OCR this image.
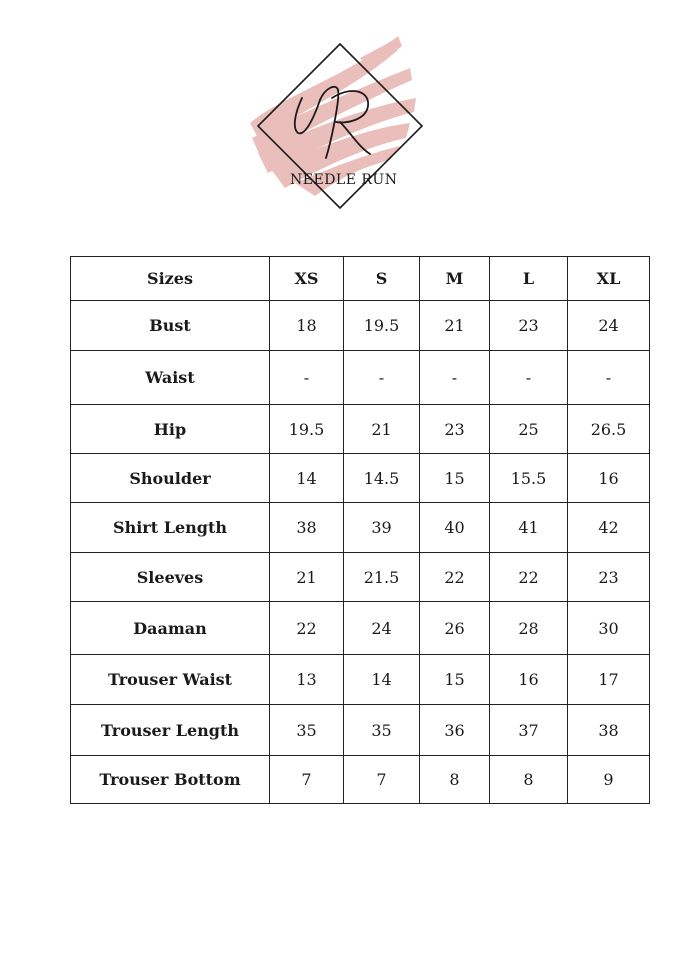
NEEDLE RUN
Sizes	XS	S	M	L	XL
Bust	18	19.5	21	23	24
Waist	-	-	-	-	-
Hip	19.5	21	23	25	26.5
Shoulder	14	14.5	15	15.5	16
Shirt Length	38	39	40	41	42
Sleeves	21	21.5	22	22	23
Daaman	22	24	26	28	30
Trouser Waist	13	14	15	16	17
Trouser Length	35	35	36	37	38
Trouser Bottom	7	7	8	8	9
